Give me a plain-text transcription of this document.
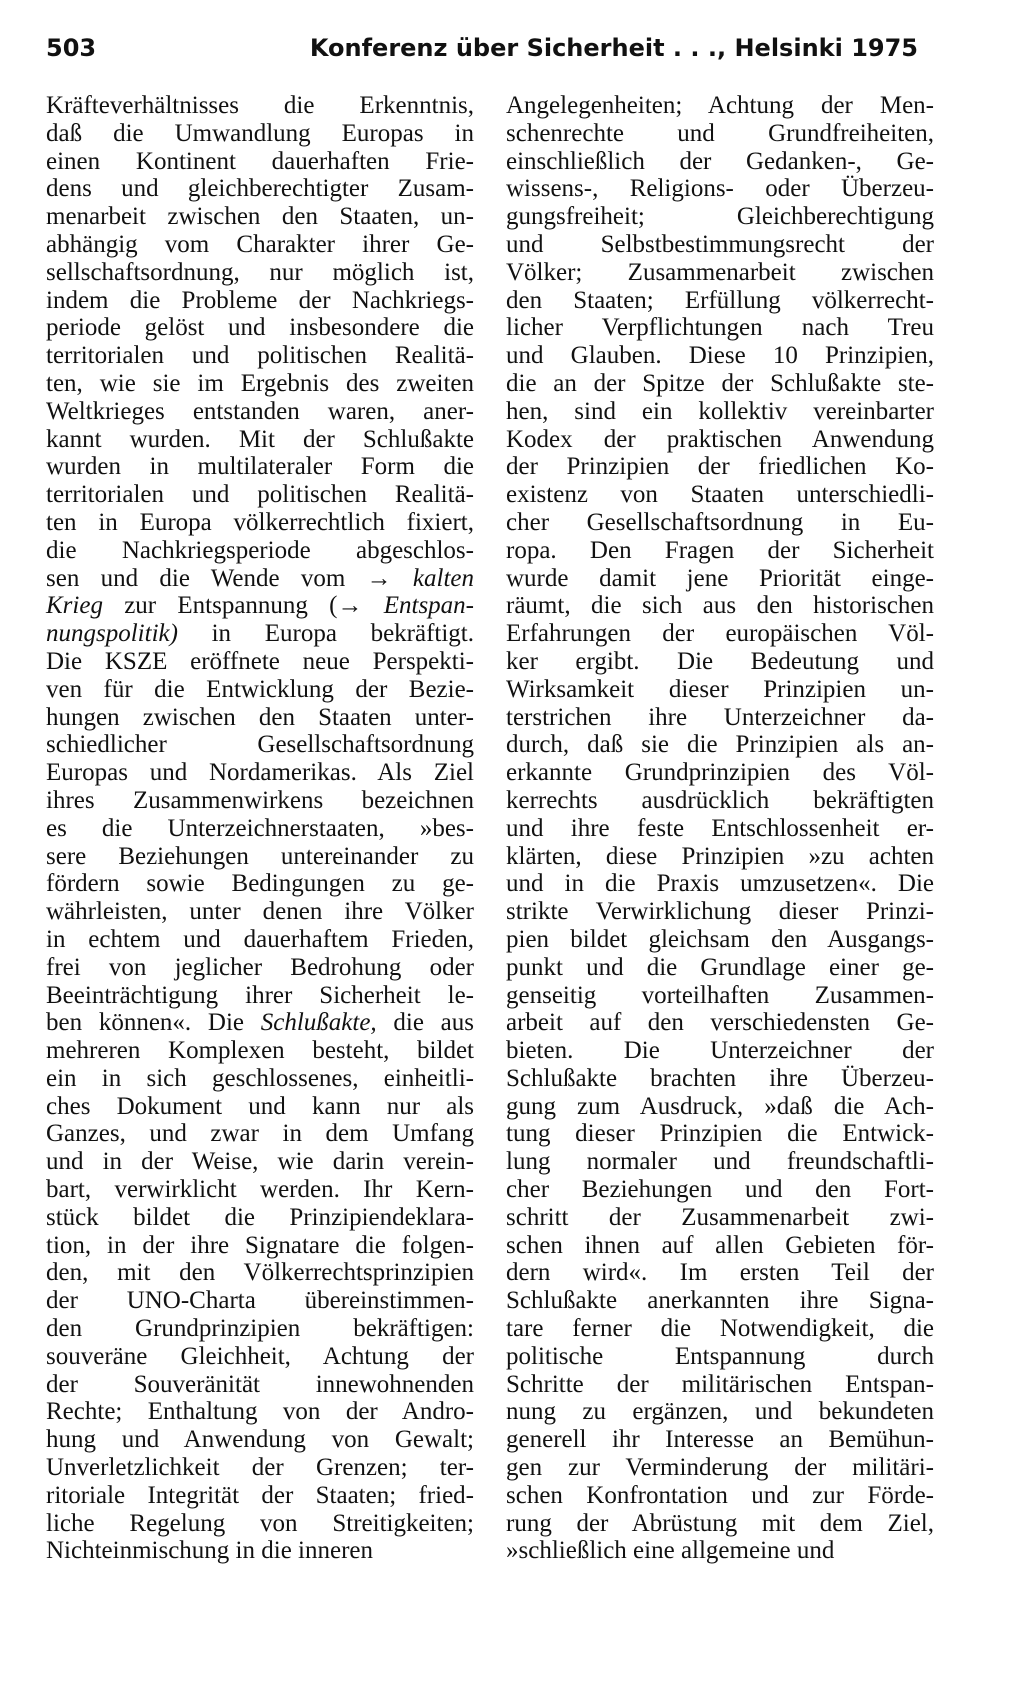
503	Konferenz über Sicherheit . . ., Helsinki 1975
Kräfteverhältnisses die Erkenntnis,
daß die Umwandlung Europas in
einen Kontinent dauerhaften Frie-
dens und gleichberechtigter Zusam-
menarbeit zwischen den Staaten, un-
abhängig vom Charakter ihrer Ge-
sellschaftsordnung, nur möglich ist,
indem die Probleme der Nachkriegs-
periode gelöst und insbesondere die
territorialen und politischen Realitä-
ten, wie sie im Ergebnis des zweiten
Weltkrieges entstanden waren, aner-
kannt wurden. Mit der Schlußakte
wurden in multilateraler Form die
territorialen und politischen Realitä-
ten in Europa völkerrechtlich fixiert,
die Nachkriegsperiode abgeschlos-
sen und die Wende vom → kalten
Krieg zur Entspannung (→ Entspan-
nungspolitik) in Europa bekräftigt.
Die KSZE eröffnete neue Perspekti-
ven für die Entwicklung der Bezie-
hungen zwischen den Staaten unter-
schiedlicher Gesellschaftsordnung
Europas und Nordamerikas. Als Ziel
ihres Zusammenwirkens bezeichnen
es die Unterzeichnerstaaten, »bes-
sere Beziehungen untereinander zu
fördern sowie Bedingungen zu ge-
währleisten, unter denen ihre Völker
in echtem und dauerhaftem Frieden,
frei von jeglicher Bedrohung oder
Beeinträchtigung ihrer Sicherheit le-
ben können«. Die Schlußakte, die aus
mehreren Komplexen besteht, bildet
ein in sich geschlossenes, einheitli-
ches Dokument und kann nur als
Ganzes, und zwar in dem Umfang
und in der Weise, wie darin verein-
bart, verwirklicht werden. Ihr Kern-
stück bildet die Prinzipiendeklara-
tion, in der ihre Signatare die folgen-
den, mit den Völkerrechtsprinzipien
der UNO-Charta übereinstimmen-
den Grundprinzipien bekräftigen:
souveräne Gleichheit, Achtung der
der Souveränität innewohnenden
Rechte; Enthaltung von der Andro-
hung und Anwendung von Gewalt;
Unverletzlichkeit der Grenzen; ter-
ritoriale Integrität der Staaten; fried-
liche Regelung von Streitigkeiten;
Nichteinmischung in die inneren
Angelegenheiten; Achtung der Men-
schenrechte und Grundfreiheiten,
einschließlich der Gedanken-, Ge-
wissens-, Religions- oder Überzeu-
gungsfreiheit; Gleichberechtigung
und Selbstbestimmungsrecht der
Völker; Zusammenarbeit zwischen
den Staaten; Erfüllung völkerrecht-
licher Verpflichtungen nach Treu
und Glauben. Diese 10 Prinzipien,
die an der Spitze der Schlußakte ste-
hen, sind ein kollektiv vereinbarter
Kodex der praktischen Anwendung
der Prinzipien der friedlichen Ko-
existenz von Staaten unterschiedli-
cher Gesellschaftsordnung in Eu-
ropa. Den Fragen der Sicherheit
wurde damit jene Priorität einge-
räumt, die sich aus den historischen
Erfahrungen der europäischen Völ-
ker ergibt. Die Bedeutung und
Wirksamkeit dieser Prinzipien un-
terstrichen ihre Unterzeichner da-
durch, daß sie die Prinzipien als an-
erkannte Grundprinzipien des Völ-
kerrechts ausdrücklich bekräftigten
und ihre feste Entschlossenheit er-
klärten, diese Prinzipien »zu achten
und in die Praxis umzusetzen«. Die
strikte Verwirklichung dieser Prinzi-
pien bildet gleichsam den Ausgangs-
punkt und die Grundlage einer ge-
genseitig vorteilhaften Zusammen-
arbeit auf den verschiedensten Ge-
bieten. Die Unterzeichner der
Schlußakte brachten ihre Überzeu-
gung zum Ausdruck, »daß die Ach-
tung dieser Prinzipien die Entwick-
lung normaler und freundschaftli-
cher Beziehungen und den Fort-
schritt der Zusammenarbeit zwi-
schen ihnen auf allen Gebieten för-
dern wird«. Im ersten Teil der
Schlußakte anerkannten ihre Signa-
tare ferner die Notwendigkeit, die
politische Entspannung durch
Schritte der militärischen Entspan-
nung zu ergänzen, und bekundeten
generell ihr Interesse an Bemühun-
gen zur Verminderung der militäri-
schen Konfrontation und zur Förde-
rung der Abrüstung mit dem Ziel,
»schließlich eine allgemeine und
